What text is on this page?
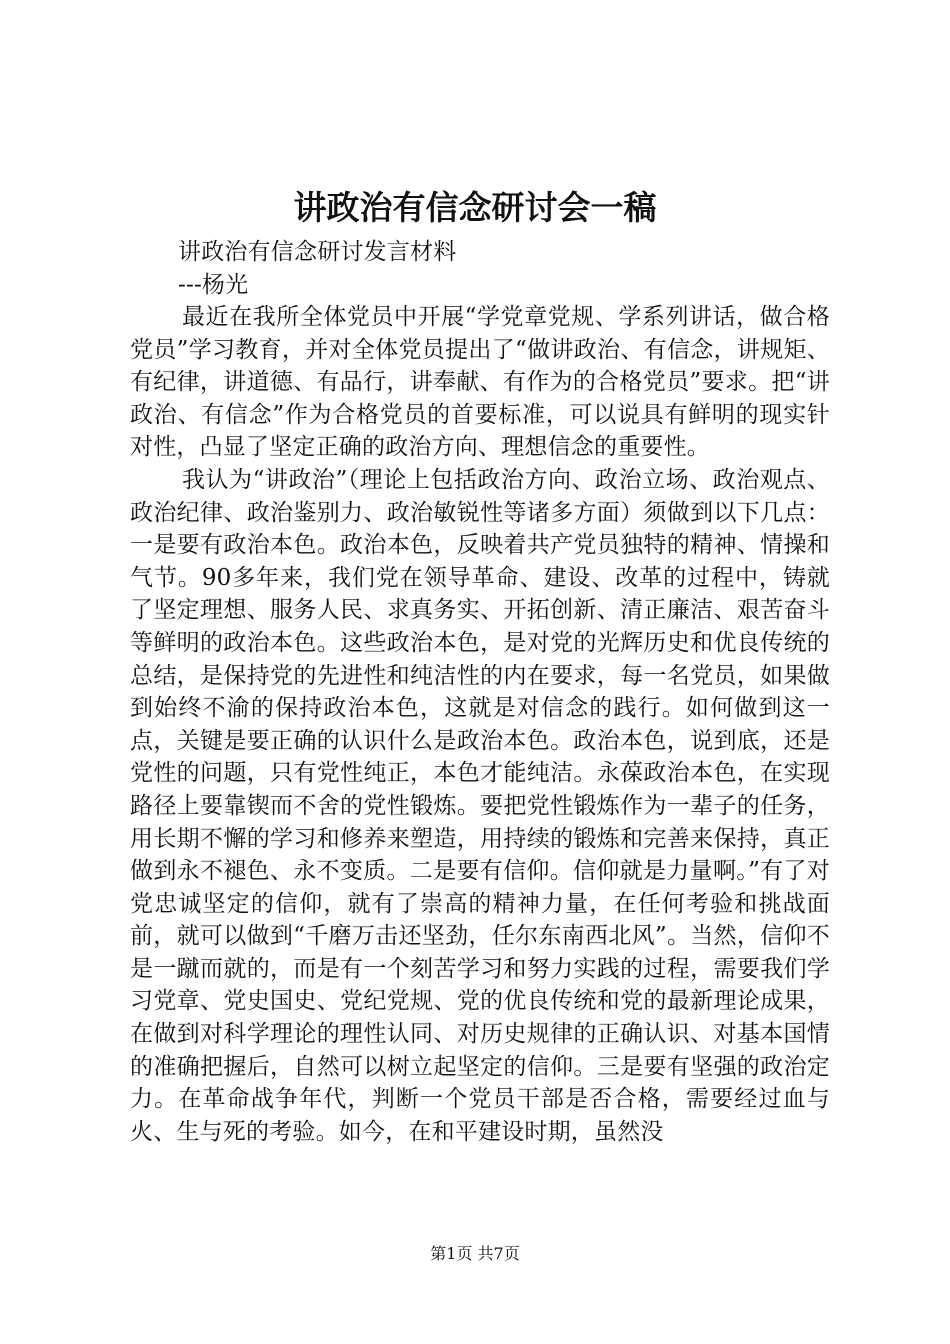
讲政治有信念研讨会一稿
讲政治有信念研讨发言材料
---杨光

最近在我所全体党员中开展“学党章党规、学系列讲话，做合格党员”学习教育，并对全体党员提出了“做讲政治、有信念，讲规矩、有纪律，讲道德、有品行，讲奉献、有作为的合格党员”要求。把“讲政治、有信念”作为合格党员的首要标准，可以说具有鲜明的现实针对性，凸显了坚定正确的政治方向、理想信念的重要性。

我认为“讲政治”（理论上包括政治方向、政治立场、政治观点、政治纪律、政治鉴别力、政治敏锐性等诸多方面）须做到以下几点：一是要有政治本色。政治本色，反映着共产党员独特的精神、情操和气节。90多年来，我们党在领导革命、建设、改革的过程中，铸就了坚定理想、服务人民、求真务实、开拓创新、清正廉洁、艰苦奋斗等鲜明的政治本色。这些政治本色，是对党的光辉历史和优良传统的总结，是保持党的先进性和纯洁性的内在要求，每一名党员，如果做到始终不渝的保持政治本色，这就是对信念的践行。如何做到这一点，关键是要正确的认识什么是政治本色。政治本色，说到底，还是党性的问题，只有党性纯正，本色才能纯洁。永葆政治本色，在实现路径上要靠锲而不舍的党性锻炼。要把党性锻炼作为一辈子的任务，用长期不懈的学习和修养来塑造，用持续的锻炼和完善来保持，真正做到永不褪色、永不变质。二是要有信仰。信仰就是力量啊。”有了对党忠诚坚定的信仰，就有了崇高的精神力量，在任何考验和挑战面前，就可以做到“千磨万击还坚劲，任尔东南西北风”。当然，信仰不是一蹴而就的，而是有一个刻苦学习和努力实践的过程，需要我们学习党章、党史国史、党纪党规、党的优良传统和党的最新理论成果，在做到对科学理论的理性认同、对历史规律的正确认识、对基本国情的准确把握后，自然可以树立起坚定的信仰。三是要有坚强的政治定力。在革命战争年代，判断一个党员干部是否合格，需要经过血与火、生与死的考验。如今，在和平建设时期，虽然没

第1页 共7页
